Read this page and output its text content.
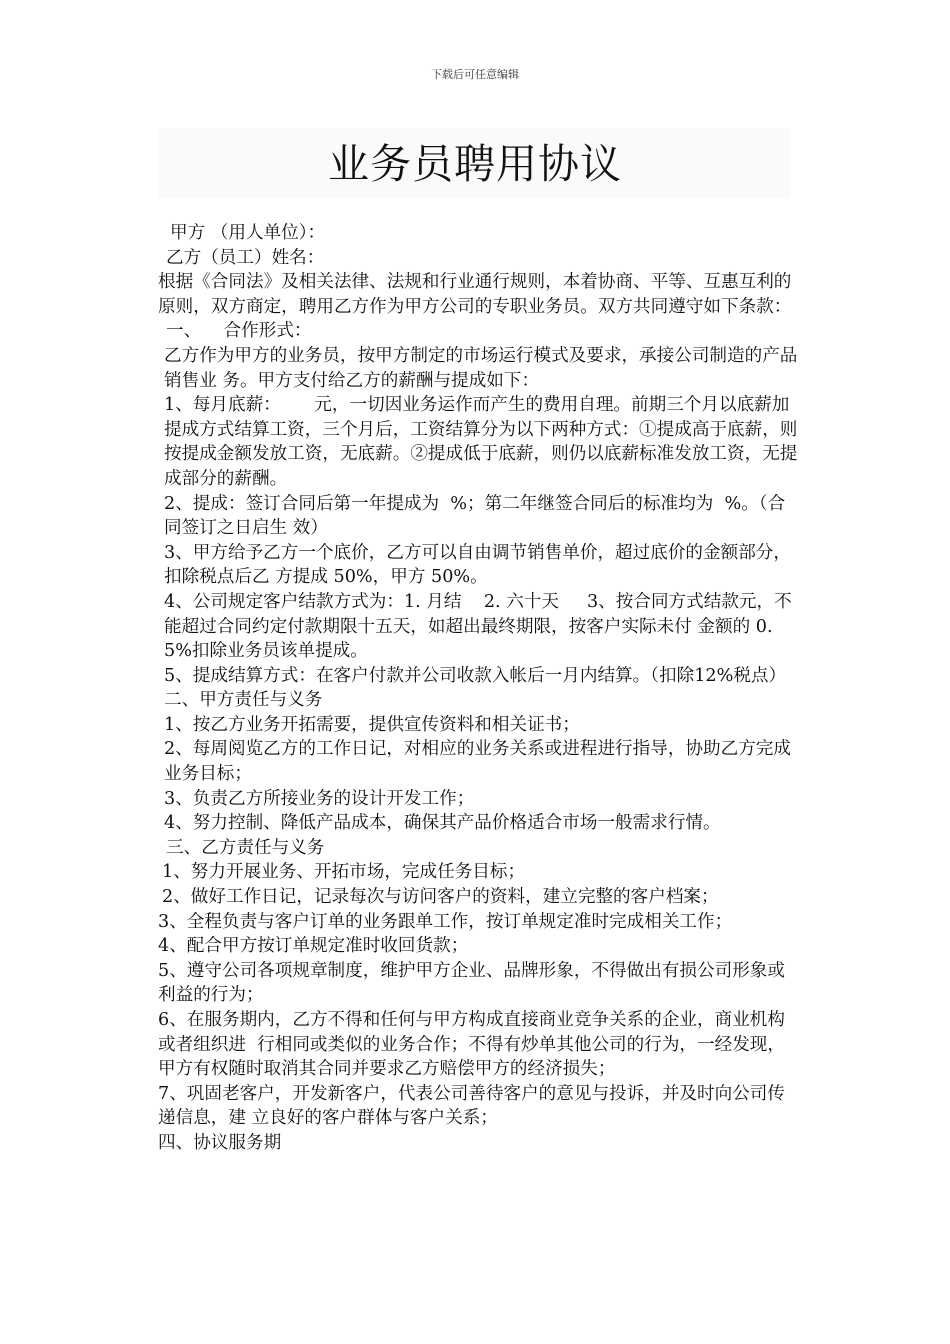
下载后可任意编辑
业务员聘用协议

甲方 （用人单位）：

乙方（员工）姓名：

根据《合同法》及相关法律、法规和行业通行规则，本着协商、平等、互惠互利的原则，双方商定，聘用乙方作为甲方公司的专职业务员。双方共同遵守如下条款：

一、    合作形式：

乙方作为甲方的业务员，按甲方制定的市场运行模式及要求，承接公司制造的产品销售业 务。甲方支付给乙方的薪酬与提成如下：

1、每月底薪：      元，一切因业务运作而产生的费用自理。前期三个月以底薪加提成方式结算工资，三个月后，工资结算分为以下两种方式：①提成高于底薪，则按提成金额发放工资，无底薪。②提成低于底薪，则仍以底薪标准发放工资，无提成部分的薪酬。

2、提成：签订合同后第一年提成为  %；第二年继签合同后的标准均为  %。（合同签订之日启生 效）

3、甲方给予乙方一个底价，乙方可以自由调节销售单价，超过底价的金额部分，扣除税点后乙 方提成 50%，甲方 50%。

4、公司规定客户结款方式为：1. 月结    2. 六十天     3、按合同方式结款元，不能超过合同约定付款期限十五天，如超出最终期限，按客户实际未付 金额的 0.5%扣除业务员该单提成。

5、提成结算方式：在客户付款并公司收款入帐后一月内结算。（扣除12%税点）

二、甲方责任与义务

1、按乙方业务开拓需要，提供宣传资料和相关证书；

2、每周阅览乙方的工作日记，对相应的业务关系或进程进行指导，协助乙方完成业务目标；

3、负责乙方所接业务的设计开发工作；

4、努力控制、降低产品成本，确保其产品价格适合市场一般需求行情。

三、乙方责任与义务

1、努力开展业务、开拓市场，完成任务目标；

2、做好工作日记，记录每次与访问客户的资料，建立完整的客户档案；

3、全程负责与客户订单的业务跟单工作，按订单规定准时完成相关工作；

4、配合甲方按订单规定准时收回货款；

5、遵守公司各项规章制度，维护甲方企业、品牌形象，不得做出有损公司形象或利益的行为；

6、在服务期内，乙方不得和任何与甲方构成直接商业竞争关系的企业，商业机构或者组织进  行相同或类似的业务合作；不得有炒单其他公司的行为，一经发现，甲方有权随时取消其合同并要求乙方赔偿甲方的经济损失；

7、巩固老客户，开发新客户，代表公司善待客户的意见与投诉，并及时向公司传递信息，建 立良好的客户群体与客户关系；

四、协议服务期
